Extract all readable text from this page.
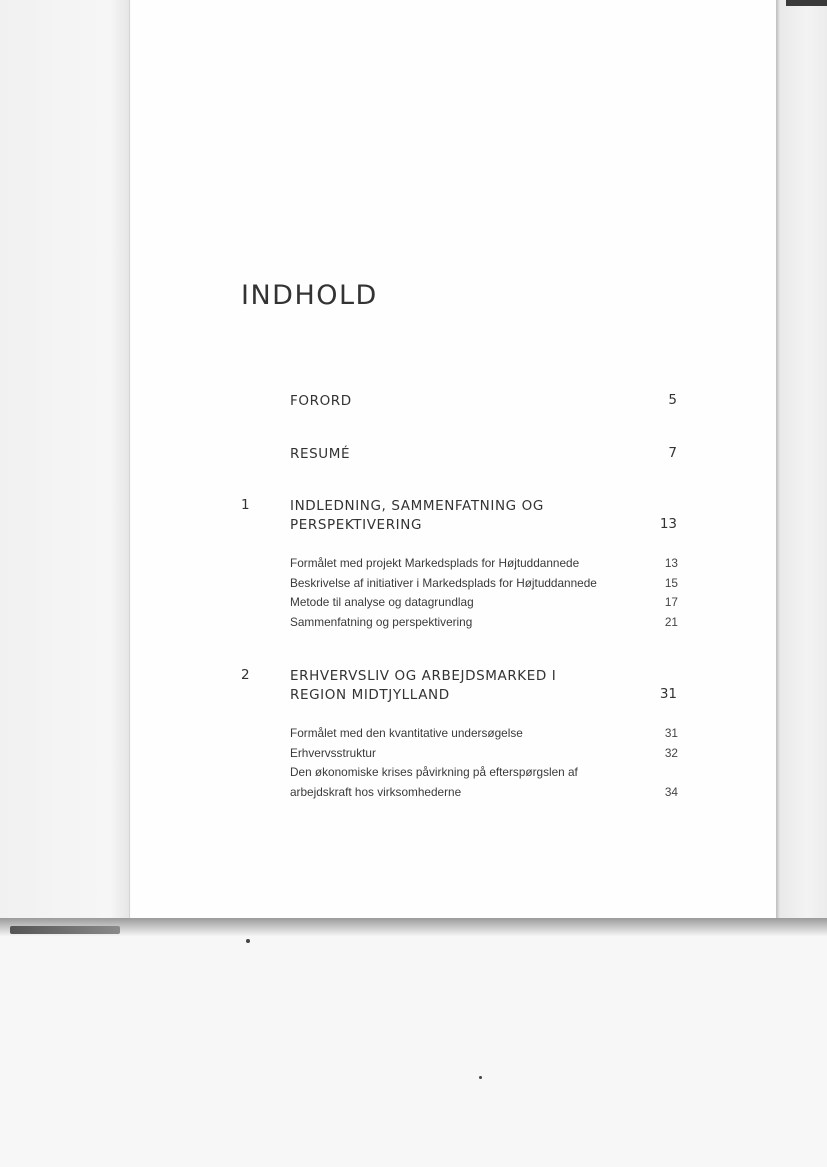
INDHOLD
FORORD	5
RESUMÉ	7
1	INDLEDNING, SAMMENFATNING OG PERSPEKTIVERING	13
Formålet med projekt Markedsplads for Højtuddannede	13
Beskrivelse af initiativer i Markedsplads for Højtuddannede	15
Metode til analyse og datagrundlag	17
Sammenfatning og perspektivering	21
2	ERHVERVSLIV OG ARBEJDSMARKED I REGION MIDTJYLLAND	31
Formålet med den kvantitative undersøgelse	31
Erhvervsstruktur	32
Den økonomiske krises påvirkning på efterspørgslen af arbejdskraft hos virksomhederne	34
